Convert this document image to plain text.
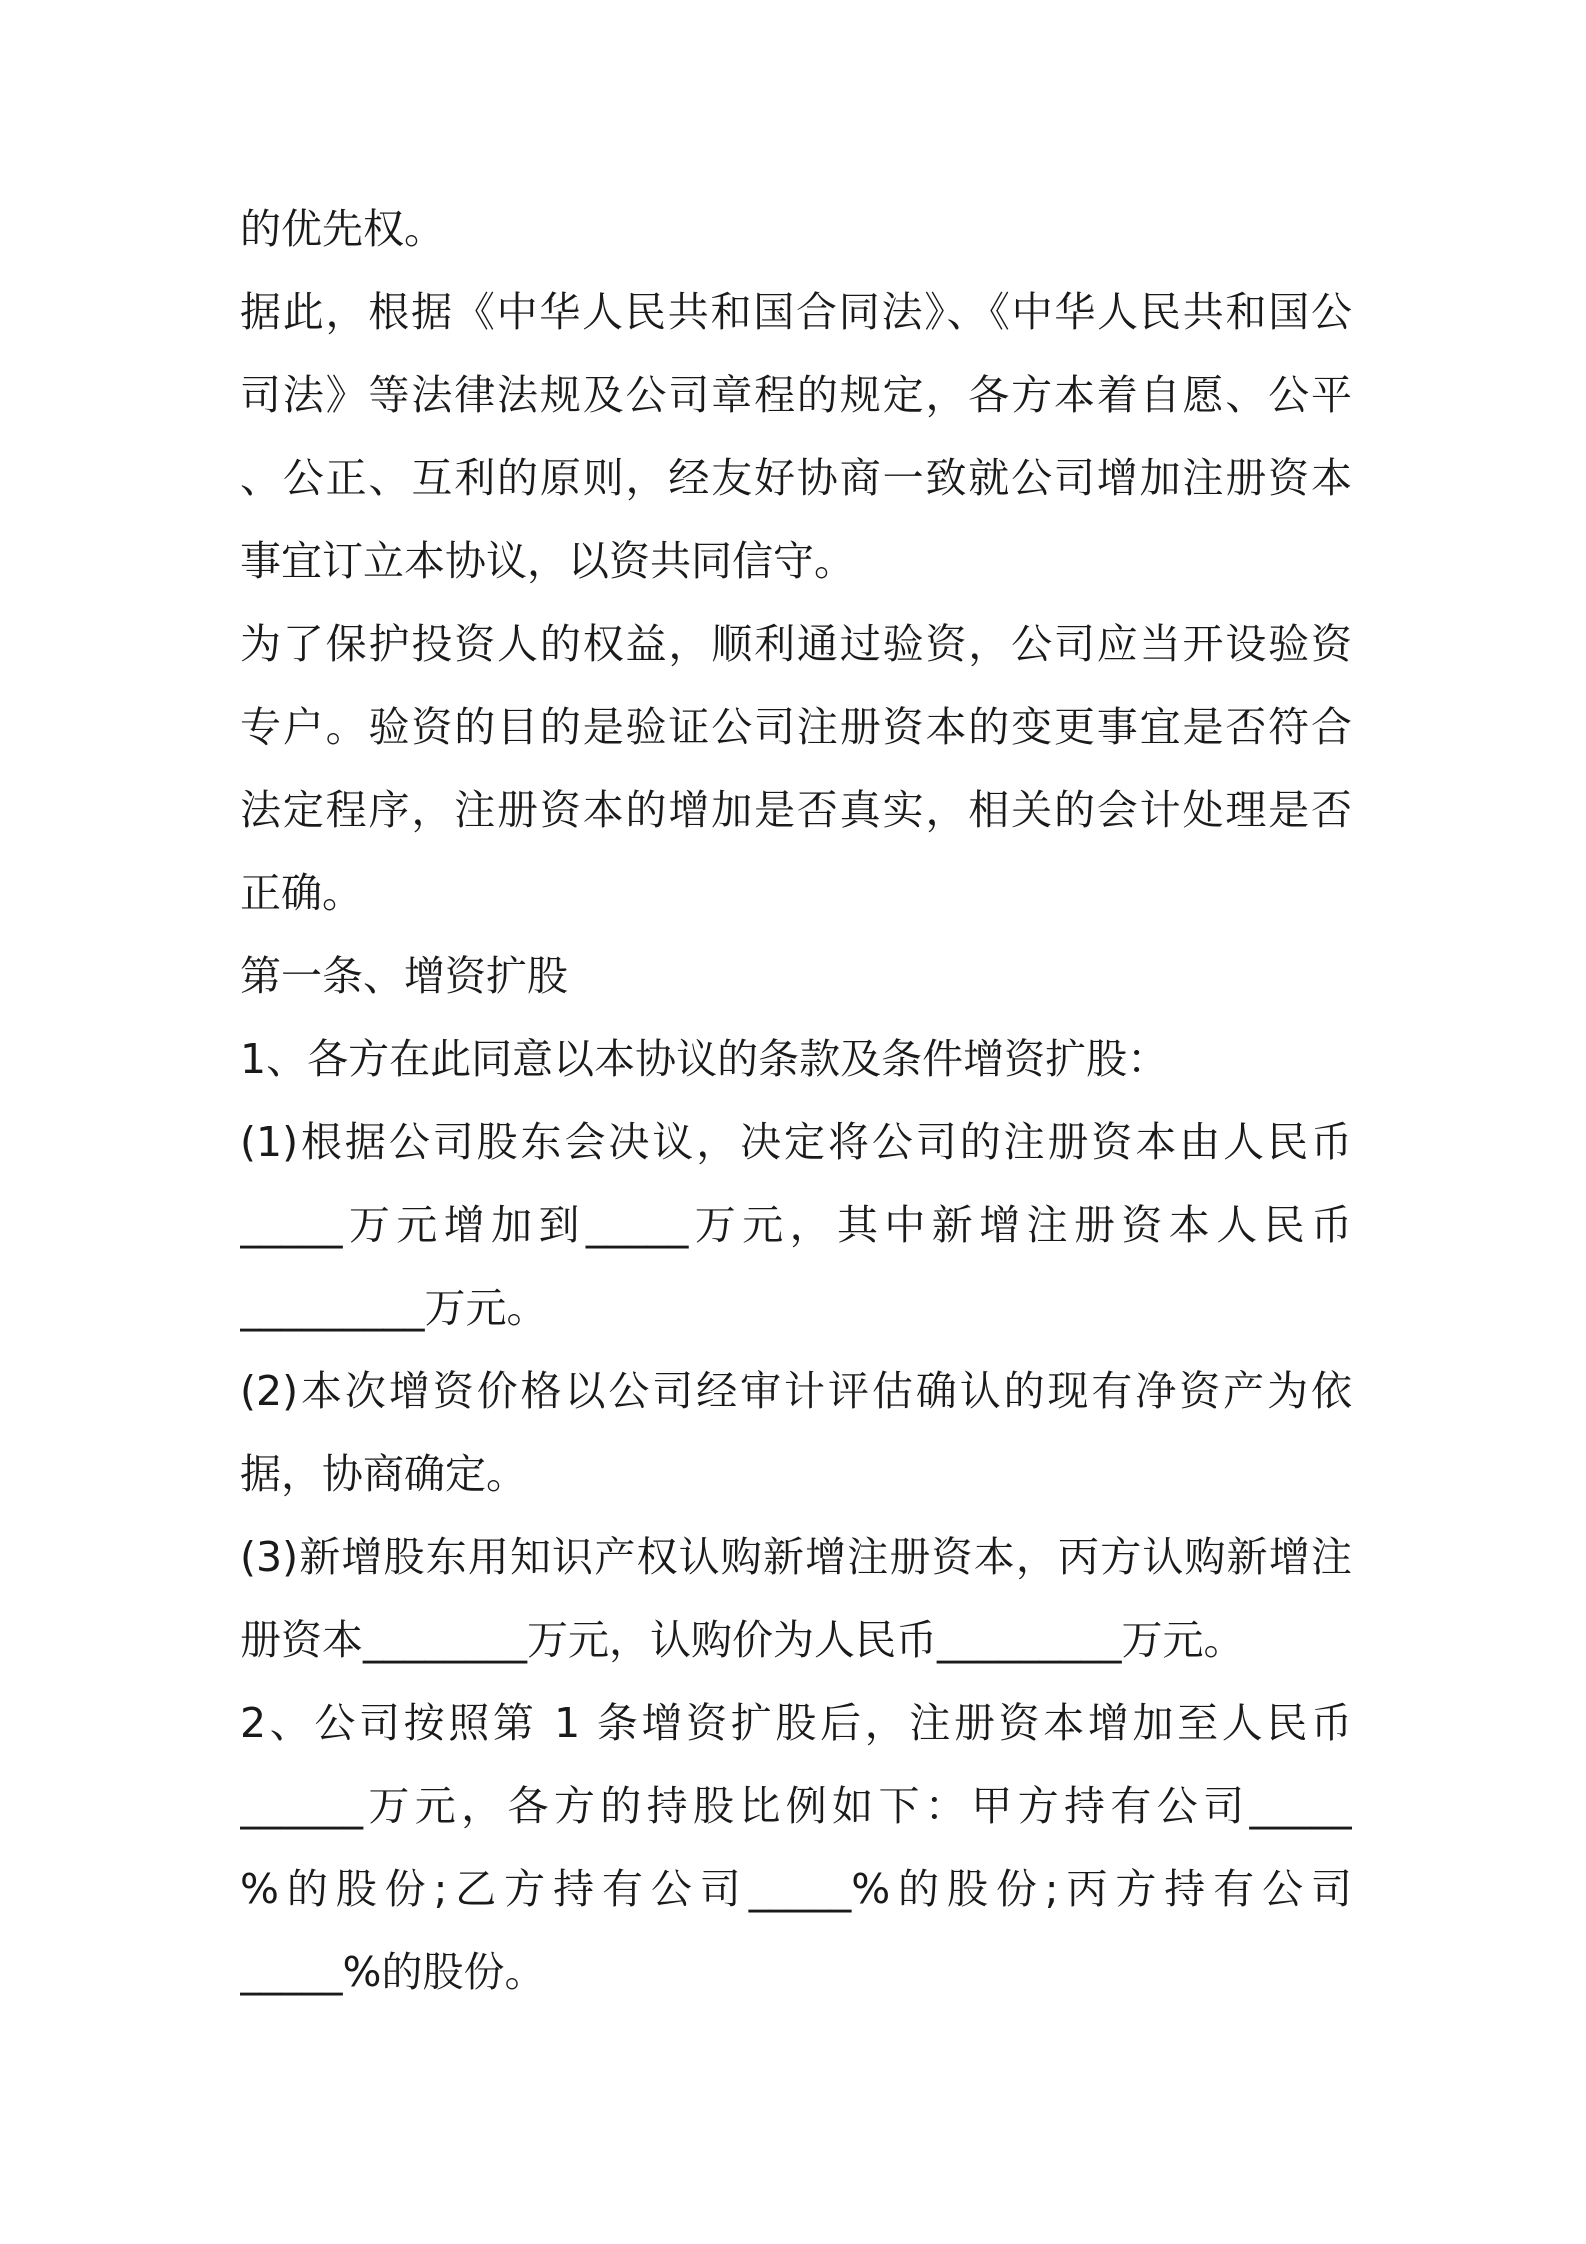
的优先权。
据此，根据《中华人民共和国合同法》、《中华人民共和国公
司法》等法律法规及公司章程的规定，各方本着自愿、公平
、公正、互利的原则，经友好协商一致就公司增加注册资本
事宜订立本协议，以资共同信守。
为了保护投资人的权益，顺利通过验资，公司应当开设验资
专户。验资的目的是验证公司注册资本的变更事宜是否符合
法定程序，注册资本的增加是否真实，相关的会计处理是否
正确。
第一条、增资扩股
1、各方在此同意以本协议的条款及条件增资扩股：
(1)根据公司股东会决议，决定将公司的注册资本由人民币
_____万元增加到_____万元，其中新增注册资本人民币
_________万元。
(2)本次增资价格以公司经审计评估确认的现有净资产为依
据，协商确定。
(3)新增股东用知识产权认购新增注册资本，丙方认购新增注
册资本________万元，认购价为人民币_________万元。
2、公司按照第 1 条增资扩股后，注册资本增加至人民币
______万元，各方的持股比例如下：甲方持有公司_____
%的股份;乙方持有公司_____%的股份;丙方持有公司
_____%的股份。
